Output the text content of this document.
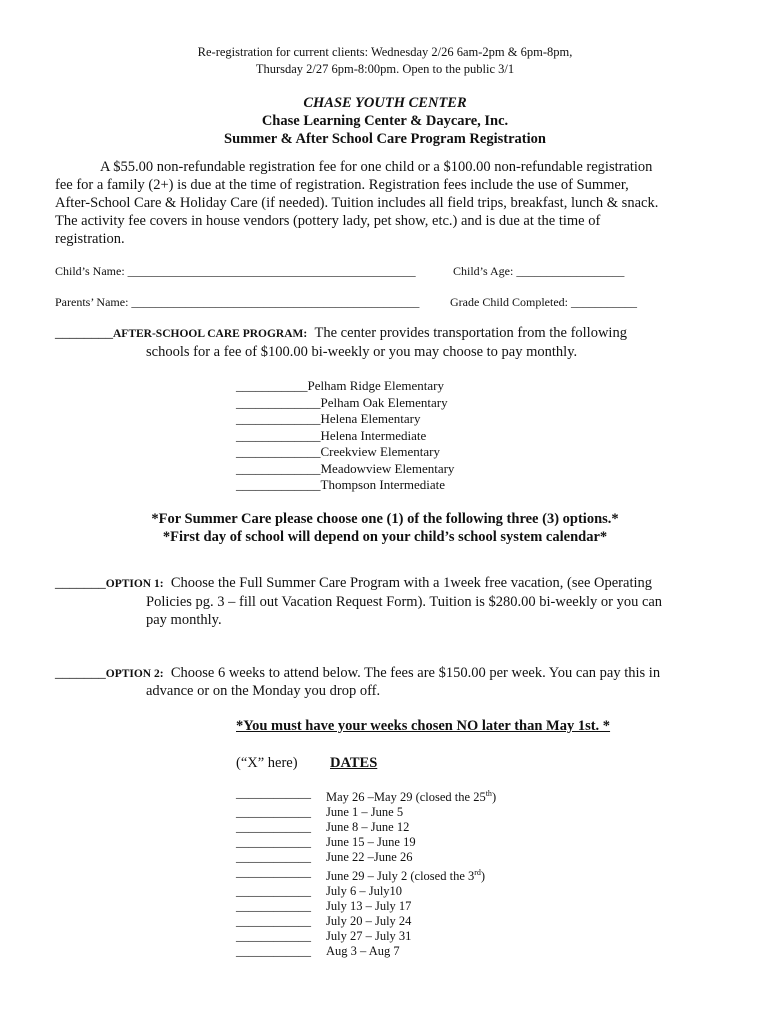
Re-registration for current clients: Wednesday 2/26 6am-2pm & 6pm-8pm,
Thursday 2/27 6pm-8:00pm. Open to the public 3/1
CHASE YOUTH CENTER
Chase Learning Center & Daycare, Inc.
Summer & After School Care Program Registration
A $55.00 non-refundable registration fee for one child or a $100.00 non-refundable registration
fee for a family (2+) is due at the time of registration. Registration fees include the use of Summer,
After-School Care & Holiday Care (if needed). Tuition includes all field trips, breakfast, lunch & snack.
The activity fee covers in house vendors (pottery lady, pet show, etc.) and is due at the time of
registration.
Child’s Name: ________________________________________________	Child’s Age: __________________
Parents’ Name: ________________________________________________	Grade Child Completed: ___________
________AFTER-SCHOOL CARE PROGRAM: The center provides transportation from the following
schools for a fee of $100.00 bi-weekly or you may choose to pay monthly.
___________ Pelham Ridge Elementary
_____________ Pelham Oak Elementary
_____________ Helena Elementary
_____________ Helena Intermediate
_____________ Creekview Elementary
_____________ Meadowview Elementary
_____________ Thompson Intermediate
*For Summer Care please choose one (1) of the following three (3) options.*
*First day of school will depend on your child’s school system calendar*
_______OPTION 1: Choose the Full Summer Care Program with a 1week free vacation, (see Operating
Policies pg. 3 – fill out Vacation Request Form). Tuition is $280.00 bi-weekly or you can
pay monthly.
_______OPTION 2: Choose 6 weeks to attend below. The fees are $150.00 per week. You can pay this in
advance or on the Monday you drop off.
*You must have your weeks chosen NO later than May 1st. *
(“X” here) DATES
____________	May 26 –May 29 (closed the 25th)
____________	June 1 – June 5
____________	June 8 – June 12
____________	June 15 – June 19
____________	June 22 –June 26
____________	June 29 – July 2 (closed the 3rd)
____________	July 6 – July10
____________	July 13 – July 17
____________	July 20 – July 24
____________	July 27 – July 31
____________	Aug 3 – Aug 7
